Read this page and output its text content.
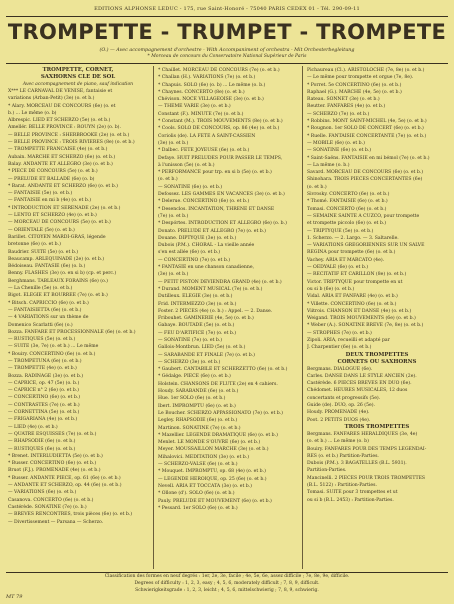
EDITIONS ALPHONSE LEDUC - 175, rue Saint-Honoré - 75040 PARIS CEDEX 01 - Tél. 290-09-11
TROMPETTE - TRUMPET - TROMPETE
(O.) — Avec accompagnement d'orchestre - With Accompaniment of orchestra - Mit Orchesterbegleitung
* Morceau de concours du Conservatoire National Supérieur de Paris
TROMPETTE, CORNET,
SAXHORNS CLE DE SOL
Avec accompagnement de piano, sauf indication
X*** LE CARNAVAL DE VENISE, fantaisie et
variations (Arban-Petit) (3e) (o. et b.)
* Alary. MORCEAU DE CONCOURS (6e) (o. et
b.) ... Le même (o. b)
Albrespic. LIED ET SCHERZO (5e) (o. et b.)
Amellér. BELLE PROVINCE : ROUYN (2e) (o. b).
— BELLE PROVINCE : SHERBROOKE (2e) (o. et b.)
— BELLE PROVINCE : TROIS RIVIERES (8e) (o. et b.)
— TROMPETTE FRANCAISE (4e) (o. et b.)
Aubain. MARCHE ET SCHERZO (6e) (o. et b.)
Balay. ANDANTE ET ALLEGRO (3e) (o. et b.)
* PIECE DE CONCOURS (5e) (o. et b.)
— PRELUDE ET BALLADE (6e) (o. b)
* Barat. ANDANTE ET SCHERZO (6e) (o. et b.)
— FANTAISIE (5e) (o. et b.)
— FANTAISIE en mi b (4e) (o. et b.)
* INTRODUCTION ET SERENADE (2e) (o. et b.)
— LENTO ET SCHERZO (4e) (o. et b.)
— MORCEAU DE CONCOURS (5e) (o. et b.)
— ORIENTALE (5e) (o. et b.)
Barillet. CITOYEN MARDI-GRAS, légende
bretonne (6e) (o. et b.)
Baudrier. SUITE (5e) (o. et b.)
Beaucamp. ARLEQUINADE (2e) (o. et b.)
Bédoiseau. FANTASIE (6e) (o. b.)
Benny. FLASHES (3e) (o. en si b) (cp. et perc.)
Berghmans. TABLEAUX FORAINS (6e) (o.)
— La Chenille (5e) (o. et b.)
Bigot. ELEGIE ET BOURREE (7e) (o. et b.)
* Bitsch. CAPRICCIO (6e) (o. et b.)
— FANTAISIETTA (6e) (o. et b.)
— 4 VARIATIONS sur un thème de
Domenico Scarlatti (6e) (o.)
Bozza. FANFARE ET PROCESSIONNALE (6e) (o. et b.)
— RUSTIQUES (5e) (o. et b.)
— SUITE (3e, 7e) (o. et b.) ... Le même
* Bouiry. CONCERTINO (6e) (o. et b.)
— TROMPETUNA (6e) (o. et b.)
— TROMPETTE (4e) (o. et b.)
Bozza. RADINAGE (3e) (o. et b.)
— CAPRICE, op. 47 (5e) (o. b.)
— CAPRICE n° 2 (6e) (o. et b.)
— CONCERTINO (6e) (o. et b.)
— CONTRASTES (7e) (o. et b.)
— CORNETTINA (5e) (o. et b.)
— FRIGARIANA (4e) (o. et b.)
— LIED (4e) (o. et b.)
— QUATRE ESQUISSES (7e) (o. et b.)
— RHAPSODIE (6e) (o. et b.)
— RUSTIQUES (6e) (o. et b.)
* Brenet. INTERLUDIETTA (5e) (o. et b.)
* Busser. CONCERTINO (6e) (o. et b.)
Bruot (F.J.). PROMENADE (4e) (o. et b.)
* Busser. ANDANTE PIECE, op. 61 (6e) (o. et b.)
— ANDANTE ET SCHERZO, op. 44 (6e) (o. et b.)
— VARIATIONS (6e) (o. et b.)
Casanova. CONCERTO (6e) (o. et b.)
Castérède. SONATINE (7e) (o. b.)
— BREVES RENCONTRES, trois pièces (6e) (o. et b.)
— Divertissement — Parsana — Scherzo.
* Chaillet. MORCEAU DE CONCOURS (7e) (o. et b.)
* Challan (H.). VARIATIONS (7e) (o. et b.)
* Chapuis. SOLO (6e) (o. b) ... Le même (o. b.)
* Chaynes. CONCERTO (8e) (o. et b.)
Chévison. NOCE VILLAGEOISE (3e) (o. et b.)
— THEME VARIE (3e) (o. et b.)
Constant (F.). MINUTE (7e) (o. et b.)
* Constant (M.). TROIS MOUVEMENTS (8e) (o. et b.)
* Cools. SOLO DE CONCOURS, op. 86 (4e) (o. et b.)
Coriolis (de). LA FETE A SAINT-CASSIEN
(3e) (o. et b.)
* Dalbec. FETE JOYEUSE (6e) (o. et b.)
Defaye. HUIT PRELUDES POUR PASSER LE TEMPS,
à l'unisson (5e) (o. et b.)
* PERFORMANCE pour trp. en si b (5e) (o. et b.)
(o. et b.)
— SONATINE (6e) (o. et b.)
Defossez. LES GAMMES EN VACANCES (3e) (o. et b.)
* Delerue. CONCERTINO (6e) (o. et b.)
* Desenclos. INCANTATION, THRENE ET DANSE
(7e) (o. et b.)
* Despórtes. INTRODUCTION ET ALLEGRO (6e) (o. b.)
Donato. PRELUDE ET ALLEGRO (7e) (o. et b.)
Douane. DIPTYQUE (3e) (o. et b.)
Dubois (P.M.). CHORAL - La vieille année
s'en est allée (6e) (o. et b.)
— CONCERTINO (7e) (o. et b.)
* FANTASIE en une chanson canadienne,
(3e) (o. et b.)
— PETIT PISTON DEVIENDRA GRAND (4e) (o. et b.)
* Durand. MOMENT MUSICAL (7e) (o. et b.)
Dutilleux. ELEGIE (3e) (o. et b.)
Frid. INTERMEZZO (3e) (o. et b.)
Foster. 2 PIECES (4e) (o. b.) : Appel. — 2. Danse.
Fribouhet. GAMINERIE (4e, 5e) (o. et b.)
Gabaye. BOUTADE (5e) (o. et b.)
— FEU D'ARTIFICE (7e) (o. et b.)
— SONATINE (7e) (o. et b.)
Gallois-Montbrun. LIED (5e) (o. et b.)
— SARABANDE ET FINALE (7e) (o. et b.)
— SCHERZO (3e) (o. et b.)
* Gaubert. CANTABILE ET SCHERZETTO (6e) (o. et b.)
* Gédalge. PIECE (6e) (o. et b.)
Holstein. CHANSONS DE FLUTE (2e) en 4 cahiers.
Houdy. SARABANDE (6e) (o. et b.)
Hue. 1er SOLO (6e) (o. et b.)
Ibert. IMPROMPTU (6e) (o. et b.)
Le Boucher. SCHERZO APPASSIONATO (7e) (o. et b.)
Legley. RHAPSODIE (6e) (o. et b.)
Martinon. SONATINE (7e) (o. et b.)
* Mazellier. LEGENDE DRAMATIQUE (6e) (o. et b.)
Menlet. LE MONDE S'OUVRE (6e) (o. et b.)
Meyer. MOUSSAILLON MARCHE (3e) (o. et b.)
Mihalovici. MEDITATION (3e) (o. et b.)
— SCHERZO-VALSE (6e) (o. et b.)
* Mouquet. IMPROMPTU, op. 68 (4e) (o. et b.)
— LEGENDE HEROIQUE, op. 25 (6e) (o. et b.)
Nevell. ARIA ET TOCCATA (3e) (o. et b.)
* Ollone (d'). SOLO (6e) (o. et b.)
Pauly. PRELUDE ET MOUVEMENT (6e) (o. et b.)
* Pessard. 1er SOLO (6e) (o. et b.)
Pichaureau (Cl.). ARISTOLOCHE (7e, 8e) (o. et b.)
— Le même pour trompette et orgue (7e, 8e).
* Porret. 5e CONCERTINO (6e) (o. et b.)
Raphael (G.). MARCHE (4e, 5e) (o. et b.)
Rateau. SONNET (3e) (o. et b.)
Reutter. FANFARES (4e) (o. et b.)
— SCHERZO (7e) (o. et b.)
* Robbins. MONT SAINT-MICHEL (4e, 5e) (o. et b.)
* Rougnon. 1er SOLO DE CONCERT (6e) (o. et b.)
* Ruelle. FANTAISIE CONCERTANTE (7e) (o. et b.)
— MOBILE (6e) (o. et b.)
— SONATINE (6e) (o. et b.)
* Saint-Saëns. FANTAISIE en mi bémol (7e) (o. et b.)
— La même (o. b.)
Savard. MORCEAU DE CONCOURS (6e) (o. et b.)
Shinohara. TROIS PIECES CONCERTANTES (6e)
(o. et b.)
Sivrosky. CONCERTO (6e) (o. et b.)
* Thomé. FANTAISIE (6e) (o. et b.)
Tomasi. CONCERTO (6e) (o. et b.)
— SEMAINE SAINTE A CUZCO, pour trompette
et trompette piccolo (6e) (o. et b.)
— TRIPTYQUE (5e) (o. et b.)
1. Scherzo. — 2. Largo. — 3. Saltarelle.
— VARIATIONS GREGORIENNES SUR UN SALVE
REGINA pour trompette (6e) (o. et b.)
Vachey. ARIA ET MARCATO (4e).
— OEDYALE (6e) (o. et b.)
— RECITATIF ET CARILLON (8e) (o. et b.)
Victor. TRIPTYQUE pour trompette en ut
ou si b (6e) (o. et b.)
Vidal. ARIA ET FANFARE (4e) (o. et b.)
* Villette. CONCERTINO (6e) (o. et b.)
Viitrois. CHANSON ET DANSE (4e) (o. et b.)
Weigand. TROIS MOUVEMENTS (6e) (o. et b.)
* Weber (A.). SONATINE BREVE (7e, 8e) (o. et b.)
— STROPHES (7e) (o. et b.)
Zipoli. ARIA, recueilli et adapté par
J. Charpentier (6e) (o. et b.)
DEUX TROMPETTES
CORNETS OU SAXHORNS
Bergmans. DIALOGUE (6e).
Carles. DANSE DANS LE STYLE ANCIEN (2e).
Castérède. 6 PIECES BREVES EN DUO (6e).
Chédomet. HEURES MUSICALES, 12 duos
concertants et progressifs (5e).
Guide (de). DUO, op. 26 (5e).
Houdy. PROMENADE (4e).
Poot. 2 PETITS DUOS (4e).
TROIS TROMPETTES
Bergmans. FANFARES HERALDIQUES (3e, 4e)
(o. et b.) ... Le même (o. b)
Bouiry. FANFARES POUR DES TEMPS LEGENDAI-
RES (o. et b.) Partition-Parties.
Dubois (P.M.). 3 BAGATELLES (B.L. 5931).
Partition-Parties.
Mancinelli. 2 PIECES POUR TROIS TROMPETTES
(B.L. 5122) : Partition-Parties.
Tomasi. SUITE pour 3 trompettes et ut
ou si b (B.L. 2453) : Partition-Parties.
Classification des formes en neuf degrés : 1er, 2e, 3e, facile ; 4e, 5e, 6e, assez difficile ; 7e, 8e, 9e, difficile.
Degrees of difficulty : 1, 2, 3, easy ; 4, 5, 6, moderately difficult ; 7, 8, 9, difficult.
Schwierigkeitsgrade : 1, 2, 3, leicht ; 4, 5, 6, mittelschwierig ; 7, 8, 9, schwierig.
MT 79
